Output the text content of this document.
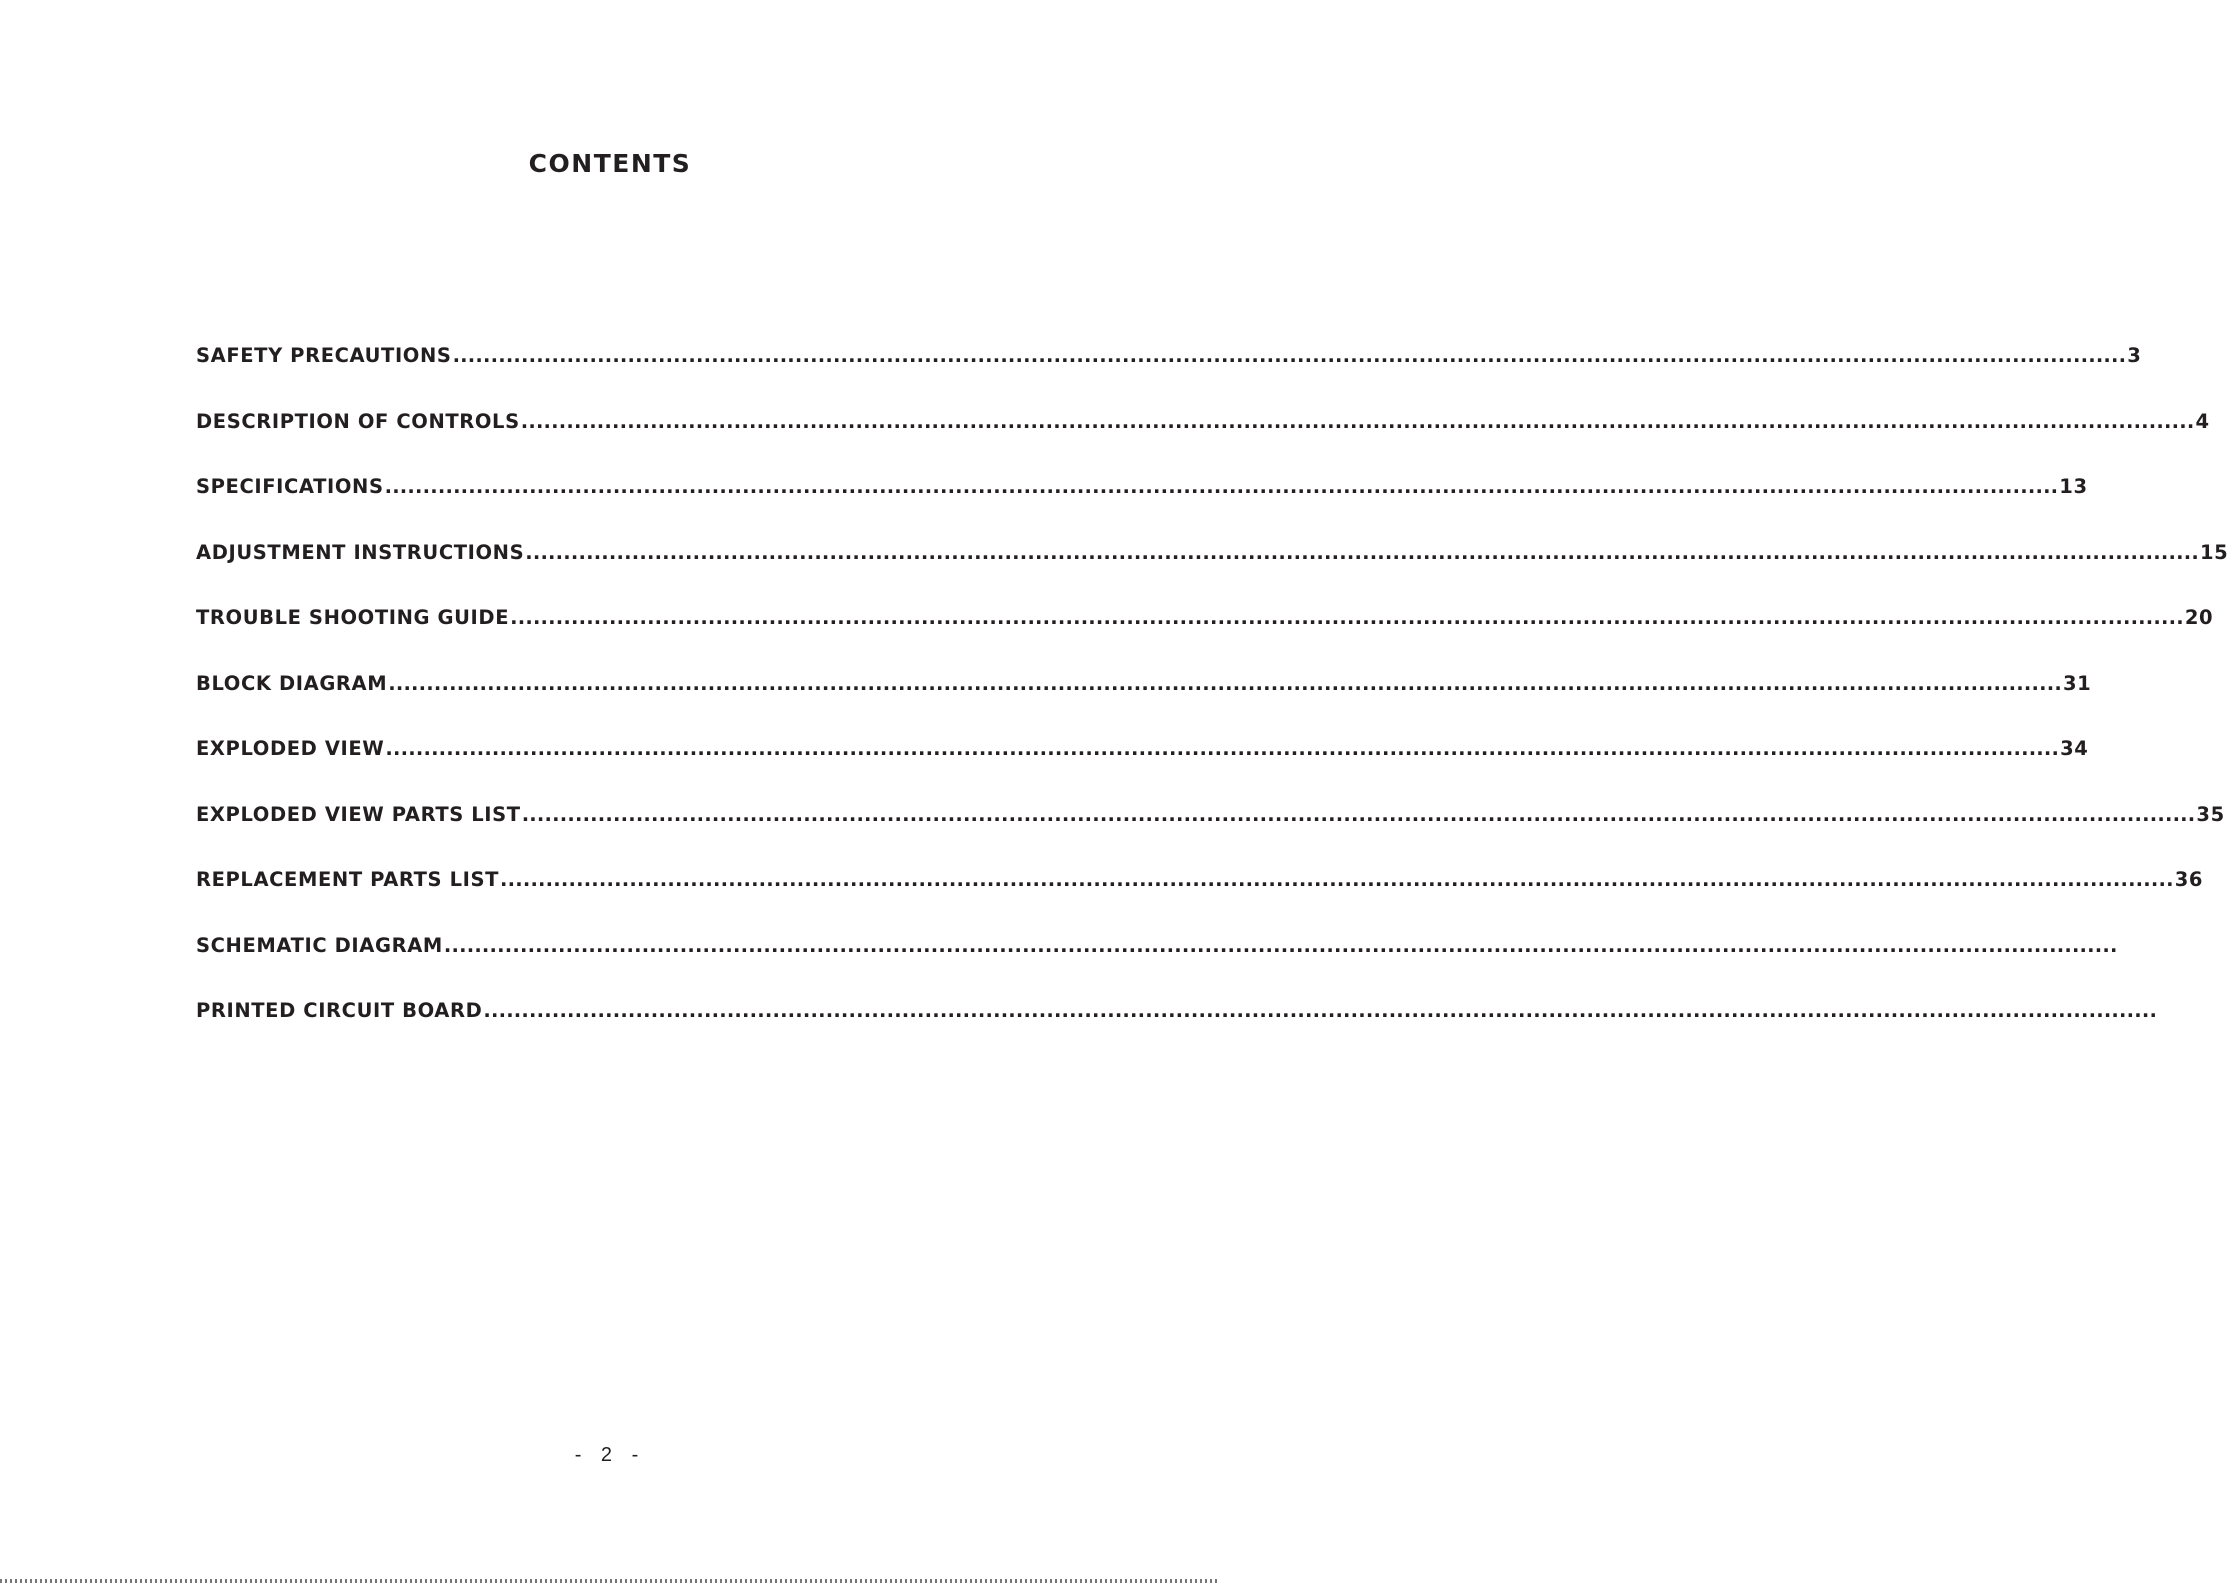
CONTENTS
SAFETY PRECAUTIONS ............................................................................................................................................................................................................................ 3
DESCRIPTION OF CONTROLS ............................................................................................................................................................................................................................ 4
SPECIFICATIONS ............................................................................................................................................................................................................................ 13
ADJUSTMENT INSTRUCTIONS ............................................................................................................................................................................................................................ 15
TROUBLE SHOOTING GUIDE ............................................................................................................................................................................................................................ 20
BLOCK DIAGRAM ............................................................................................................................................................................................................................ 31
EXPLODED VIEW ............................................................................................................................................................................................................................ 34
EXPLODED VIEW PARTS LIST ............................................................................................................................................................................................................................ 35
REPLACEMENT PARTS LIST ............................................................................................................................................................................................................................ 36
SCHEMATIC DIAGRAM ............................................................................................................................................................................................................................
PRINTED CIRCUIT BOARD ............................................................................................................................................................................................................................
- 2 -
